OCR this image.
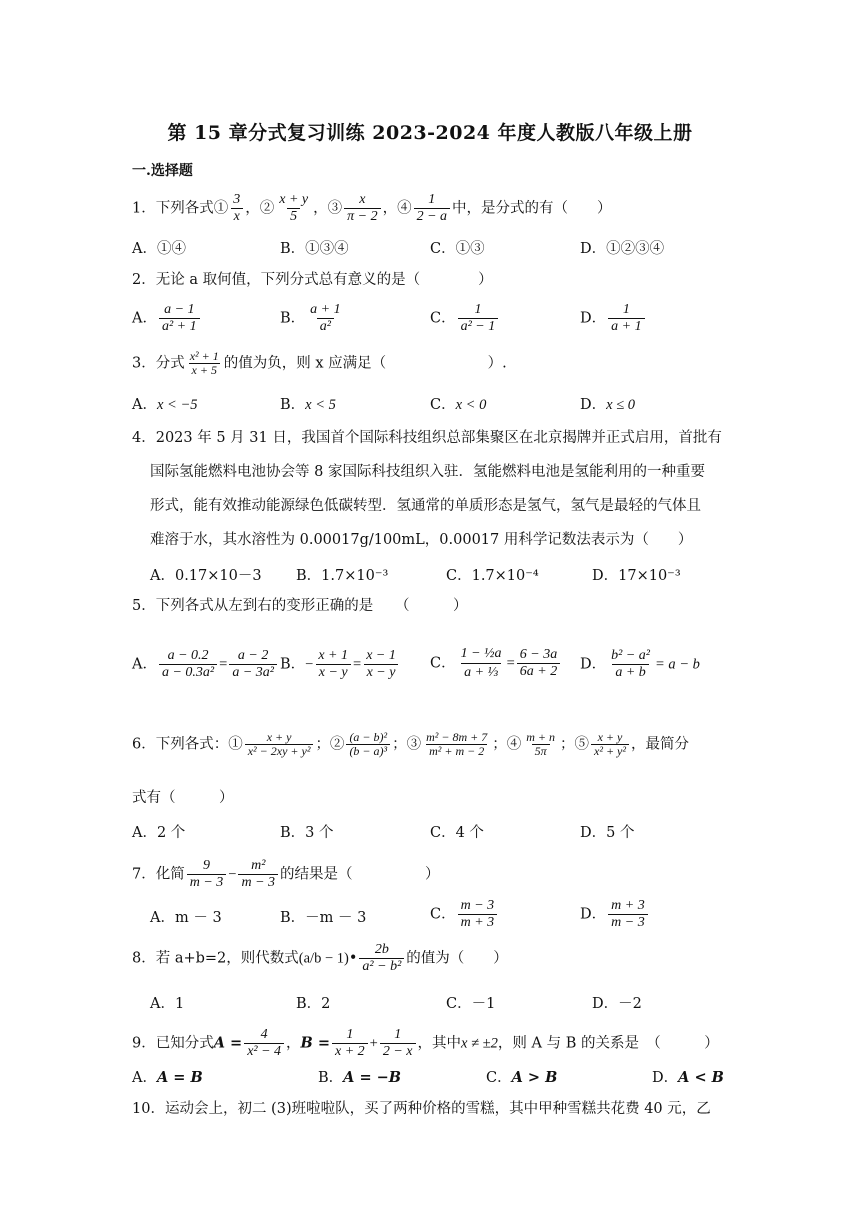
第 15 章分式复习训练 2023-2024 年度人教版八年级上册
一.选择题
1．下列各式① $\frac{3}{x}$ ，② $\frac{x + y}{5}$ ，③ $\frac{x}{\pi - 2}$ ，④ $\frac{1}{2 - a}$ 中，是分式的有（　　）
A．①④	B．①③④	C．①③	D．①②③④
2．无论 a 取何值，下列分式总有意义的是（　　　　）
A． $\frac{a - 1}{\text{a² + 1}}$	B． $\frac{a + 1}{\text{a²}}$	C． $\frac{1}{\text{a² − 1}}$	D． $\frac{1}{a + 1}$
3．分式 $\frac{\text{x² + 1}}{x + 5}$ 的值为负，则 x 应满足（　　　　　　　）.
A．x < −5	B．x < 5	C．x < 0	D．x ≤ 0
4．2023 年 5 月 31 日，我国首个国际科技组织总部集聚区在北京揭牌并正式启用，首批有
国际氢能燃料电池协会等 8 家国际科技组织入驻．氢能燃料电池是氢能利用的一种重要
形式，能有效推动能源绿色低碳转型．氢通常的单质形态是氢气，氢气是最轻的气体且
难溶于水，其水溶性为 0.00017g/100mL，0.00017 用科学记数法表示为（　　）
A．0.17×10－3 B．1.7×10⁻³	C．1.7×10⁻⁴	D．17×10⁻³
5．下列各式从左到右的变形正确的是　　（　　　）
A． $\frac{a - 0.2}{\text{a − 0.3a²}} = \frac{a - 2}{\text{a − 3a²}}$ B．− $\frac{x + 1}{x - y} = \frac{x - 1}{x - y}$ C． $\frac{\text{1 − ½a}}{\text{a + ⅓}} = \frac{6 - 3a}{6a + 2}$ D． $\frac{\text{b² − a²}}{a + b} = a - b$
6．下列各式：① $\frac{x + y}{\text{x² − 2xy + y²}}$ ；② $\frac{\text{(a − b)²}}{\text{(b − a)³}}$ ；③ $\frac{\text{m² − 8m + 7}}{\text{m² + m − 2}}$ ；④ $\frac{m + n}{5\pi}$ ；⑤ $\frac{x + y}{\text{x² + y²}}$ ，最简分
式有（　　　）
A．2 个	B．3 个	C．4 个	D．5 个
7．化简 $\frac{9}{m - 3} - \frac{\text{m²}}{m - 3}$ 的结果是（　　　　　）
A．m － 3	B．－m － 3	C． $\frac{m - 3}{m + 3}$	D． $\frac{m + 3}{m - 3}$
8．若 a+b=2，则代数式(a/b − 1)• $\frac{2b}{\text{a² − b²}}$ 的值为（　　）
A．1	B．2	C．－1	D．－2
9．已知分式$A = \frac{4}{\text{x² − 4}}$ ，$B = \frac{1}{x + 2} + \frac{1}{2 - x}$ ，其中x ≠ ±2，则 A 与 B 的关系是　（　　　）
A．A = B	B．A = −B	C．A > B	D．A < B
10．运动会上，初二 (3)班啦啦队，买了两种价格的雪糕，其中甲种雪糕共花费 40 元，乙
